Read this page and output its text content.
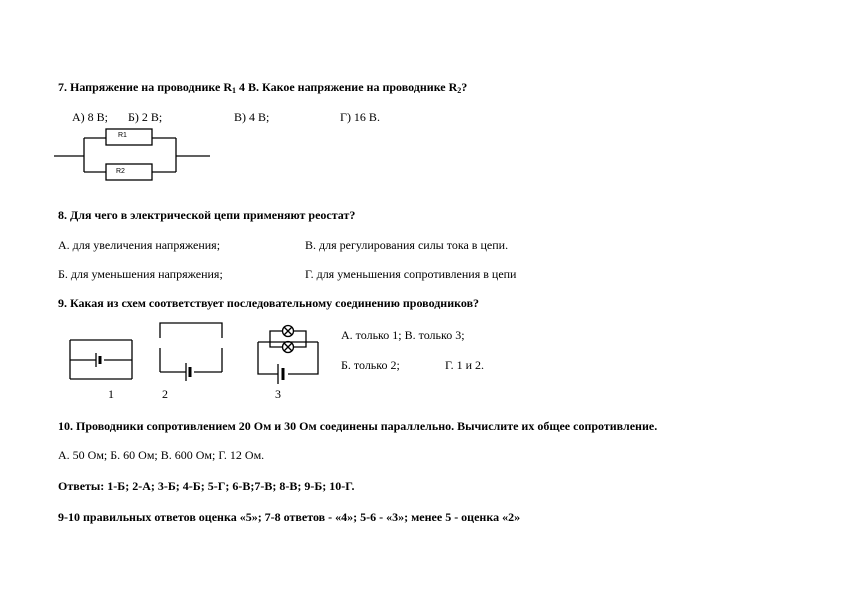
7. Напряжение на проводнике $R_1$ 4 В. Какое напряжение на проводнике $R_2$?
А) 8 В; Б) 2 В;	В) 4 В;	Г) 16 В.
R1
R2
8. Для чего в электрической цепи применяют реостат?
А. для увеличения напряжения;	В. для регулирования силы тока в цепи.
Б. для уменьшения напряжения;	Г. для уменьшения сопротивления в цепи
9. Какая из схем соответствует последовательному соединению проводников?
1	2	3
А. только 1; В. только 3;
Б. только 2;	Г. 1 и 2.
10. Проводники сопротивлением 20 Ом и 30 Ом соединены параллельно. Вычислите их общее сопротивление.
А. 50 Ом; Б. 60 Ом; В. 600 Ом; Г. 12 Ом.
Ответы: 1-Б; 2-А; 3-Б; 4-Б; 5-Г; 6-В;7-В; 8-В; 9-Б; 10-Г.
9-10 правильных ответов оценка «5»; 7-8 ответов - «4»; 5-6 - «3»; менее 5 - оценка «2»
